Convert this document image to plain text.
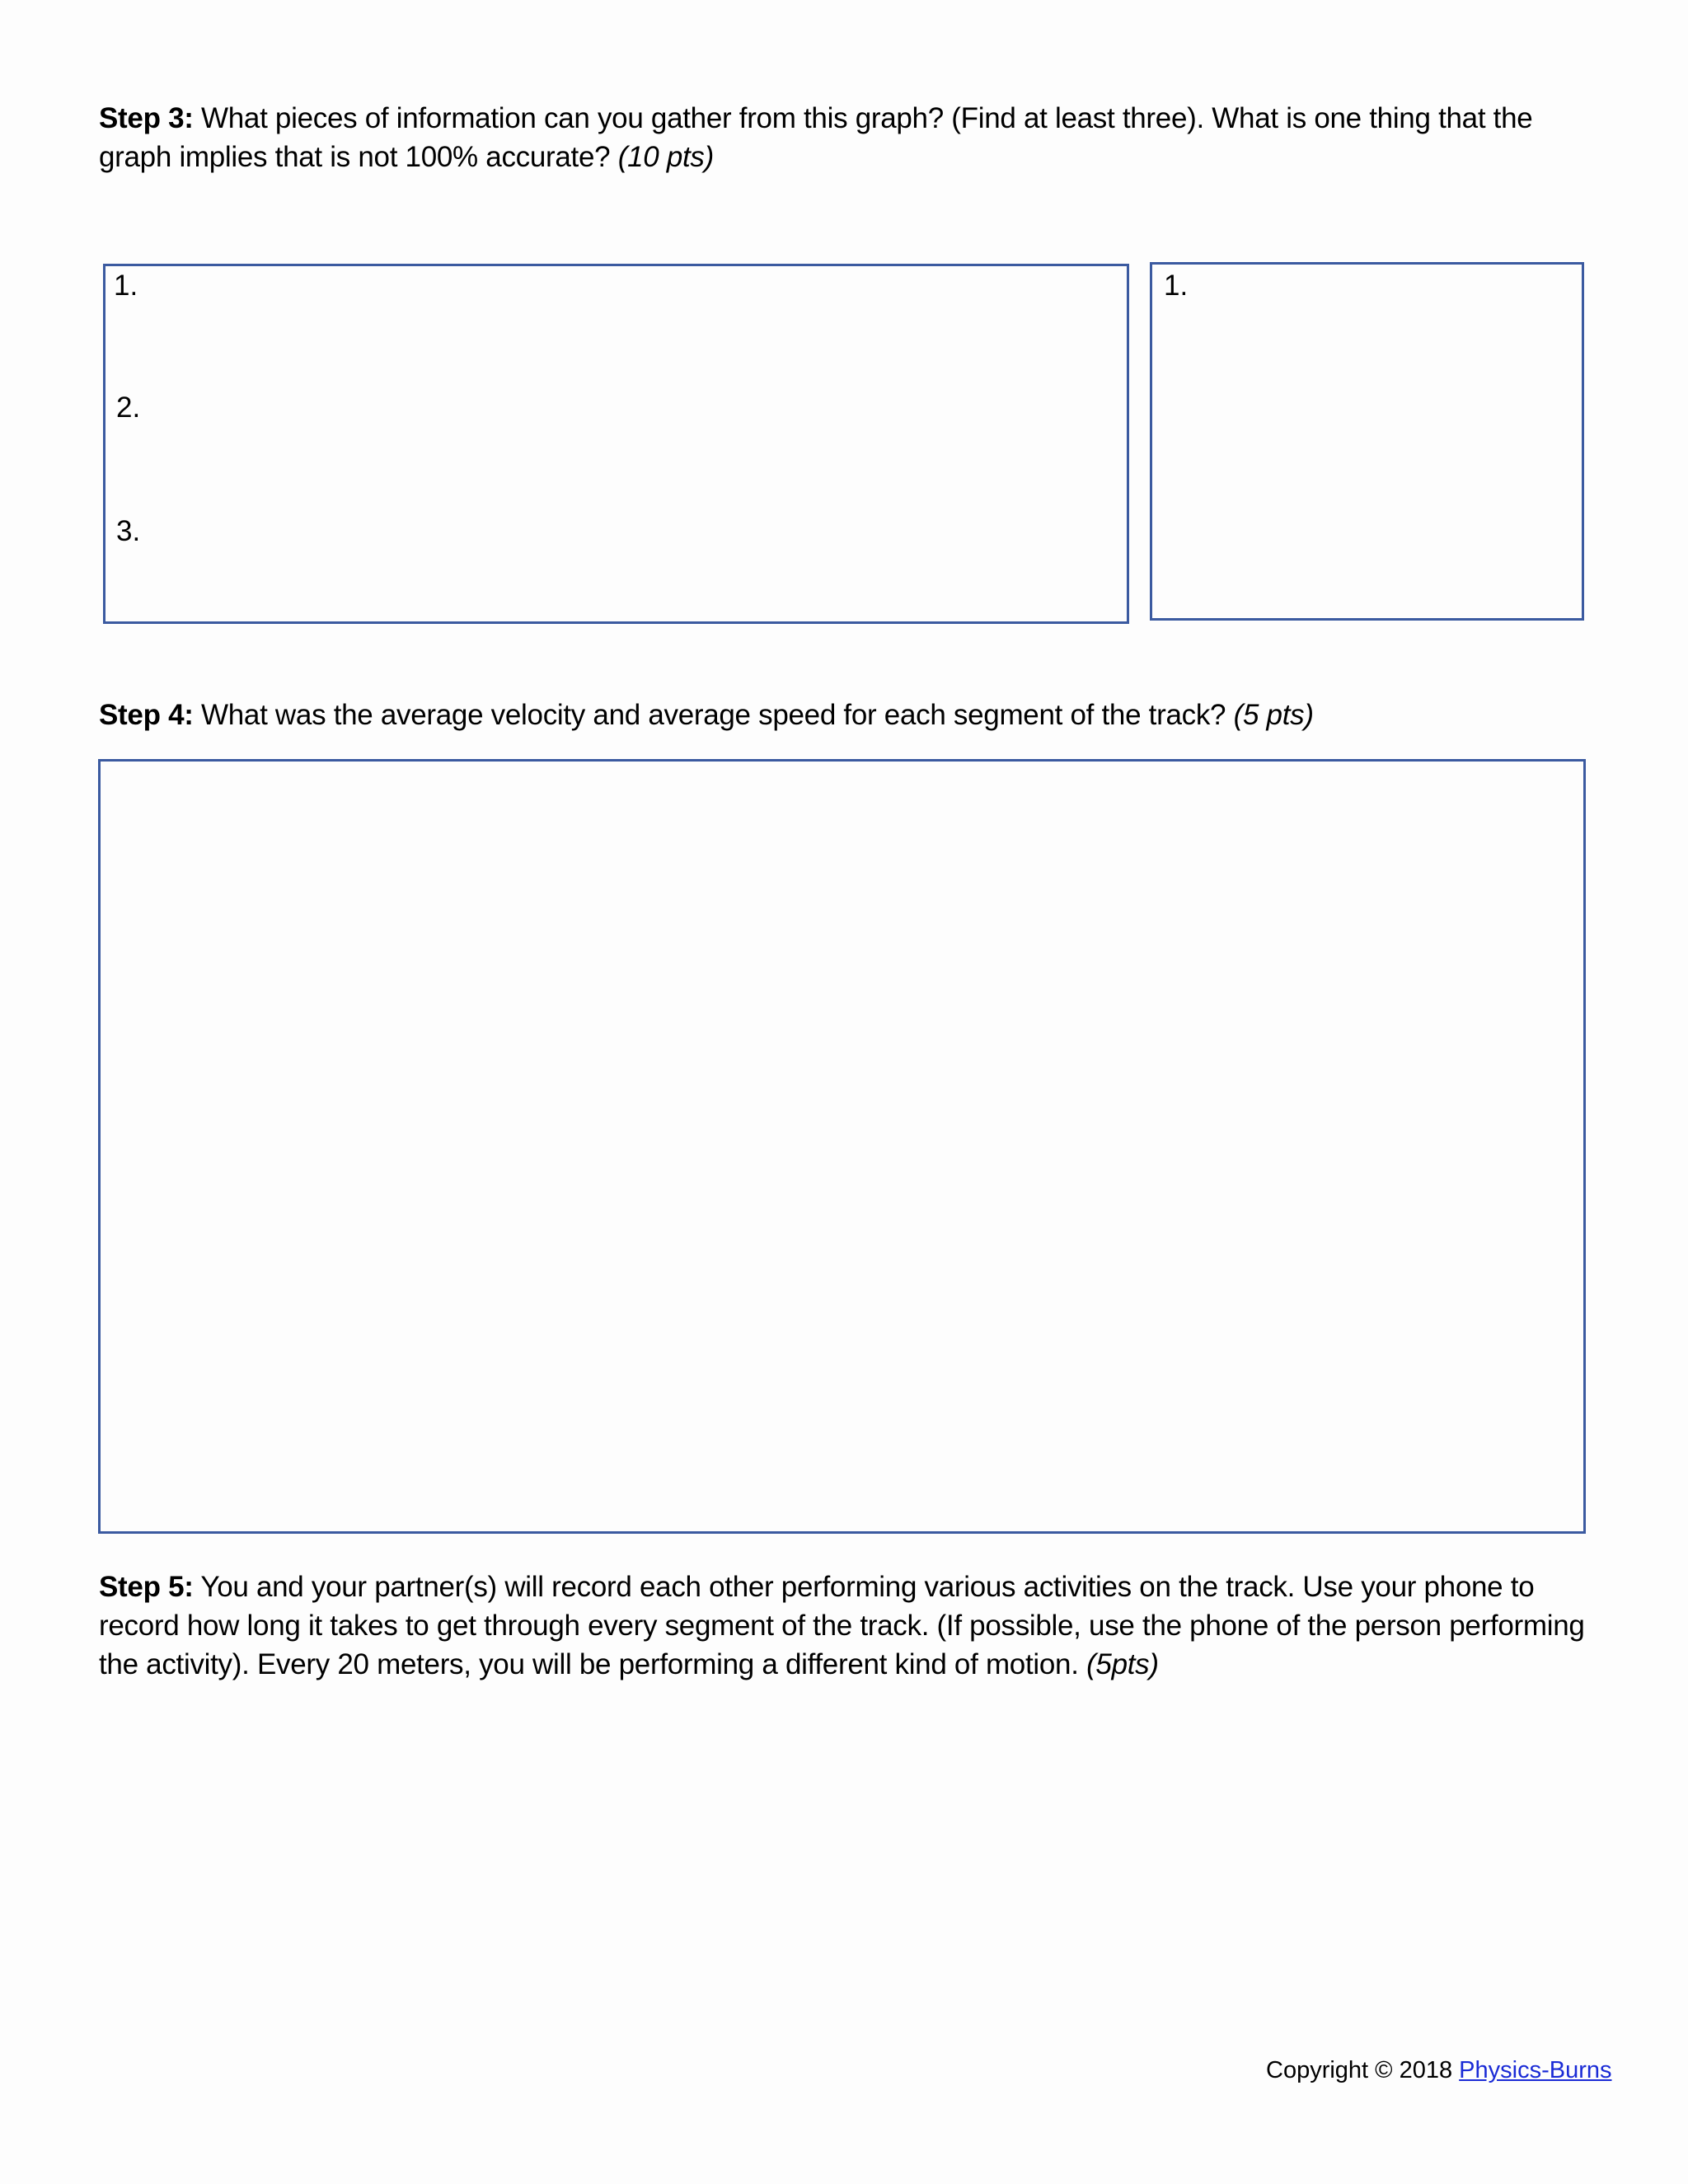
Step 3: What pieces of information can you gather from this graph? (Find at least three). What is one thing that the
graph implies that is not 100% accurate? (10 pts)
1.
2.
3.
1.
Step 4: What was the average velocity and average speed for each segment of the track? (5 pts)
Step 5: You and your partner(s) will record each other performing various activities on the track. Use your phone to
record how long it takes to get through every segment of the track. (If possible, use the phone of the person performing
the activity). Every 20 meters, you will be performing a different kind of motion. (5pts)
Copyright © 2018 Physics-Burns
